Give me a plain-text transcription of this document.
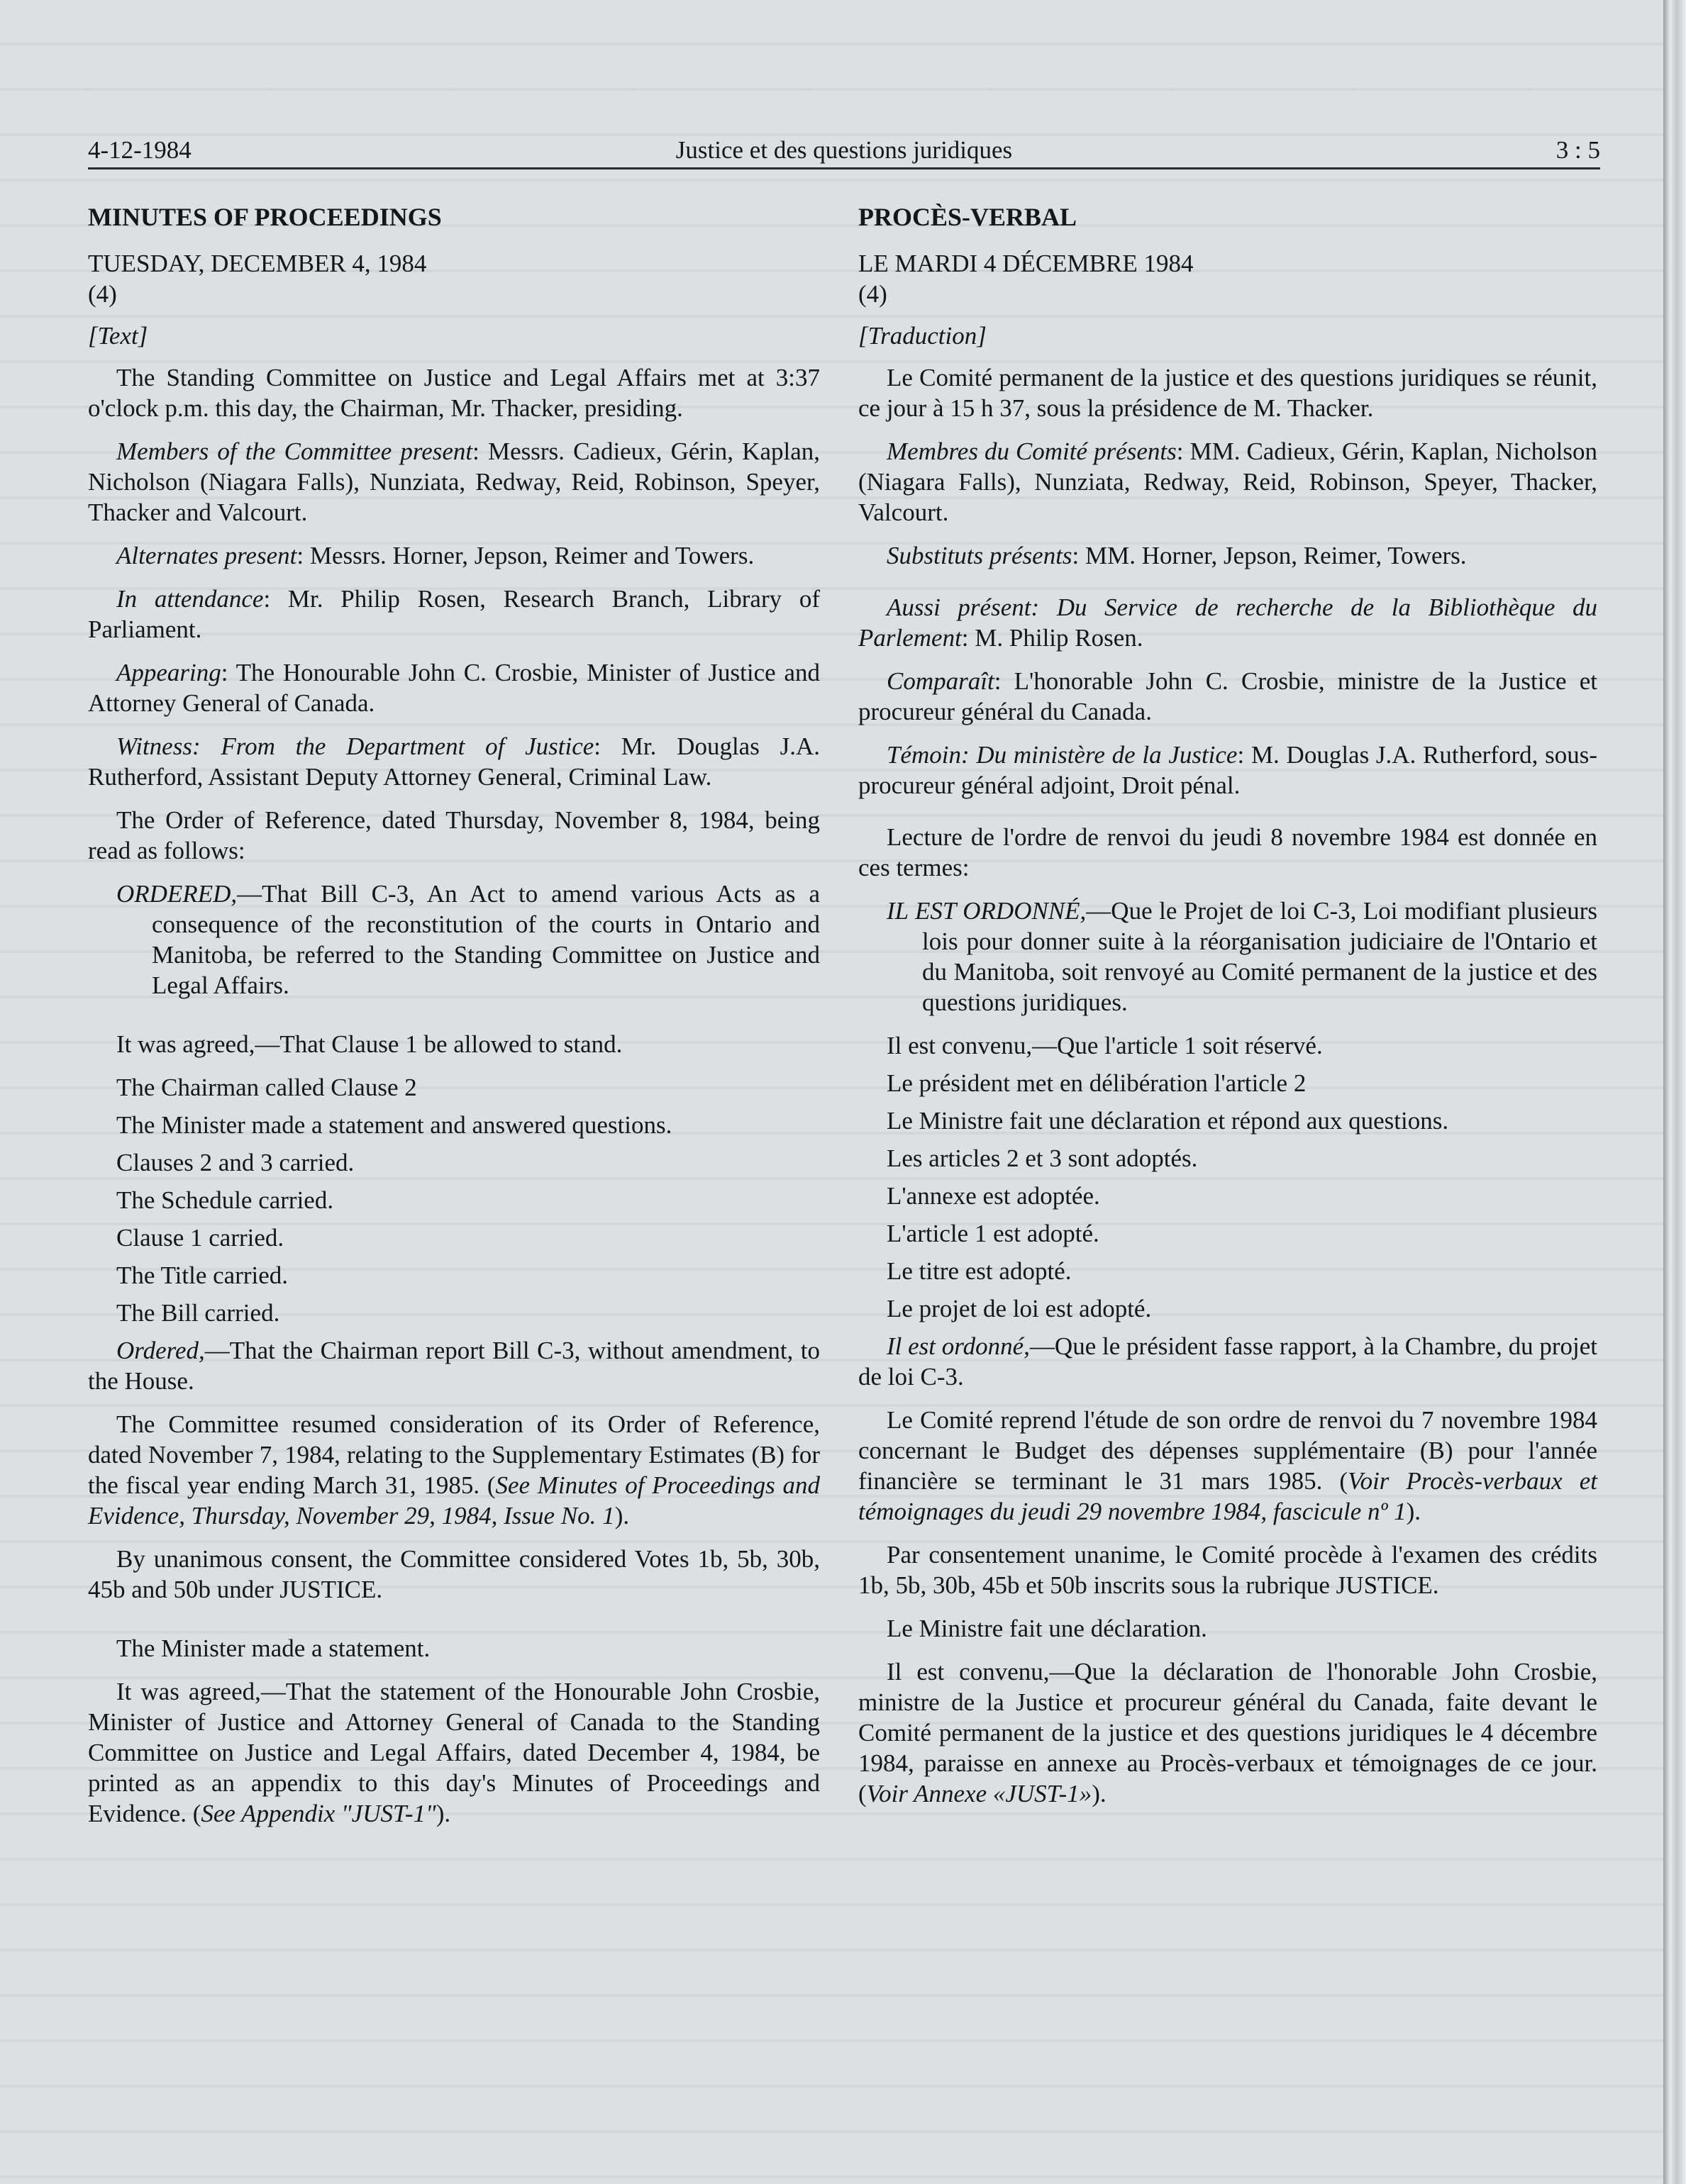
4-12-1984	Justice et des questions juridiques	3 : 5

MINUTES OF PROCEEDINGS

TUESDAY, DECEMBER 4, 1984

(4)

[Text]

The Standing Committee on Justice and Legal Affairs met at 3:37 o'clock p.m. this day, the Chairman, Mr. Thacker, presiding.

Members of the Committee present: Messrs. Cadieux, Gérin, Kaplan, Nicholson (Niagara Falls), Nunziata, Redway, Reid, Robinson, Speyer, Thacker and Valcourt.

Alternates present: Messrs. Horner, Jepson, Reimer and Towers.

In attendance: Mr. Philip Rosen, Research Branch, Library of Parliament.

Appearing: The Honourable John C. Crosbie, Minister of Justice and Attorney General of Canada.

Witness: From the Department of Justice: Mr. Douglas J.A. Rutherford, Assistant Deputy Attorney General, Criminal Law.

The Order of Reference, dated Thursday, November 8, 1984, being read as follows:

ORDERED,—That Bill C-3, An Act to amend various Acts as a consequence of the reconstitution of the courts in Ontario and Manitoba, be referred to the Standing Committee on Justice and Legal Affairs.

It was agreed,—That Clause 1 be allowed to stand.

The Chairman called Clause 2

The Minister made a statement and answered questions.

Clauses 2 and 3 carried.

The Schedule carried.

Clause 1 carried.

The Title carried.

The Bill carried.

Ordered,—That the Chairman report Bill C-3, without amendment, to the House.

The Committee resumed consideration of its Order of Reference, dated November 7, 1984, relating to the Supplementary Estimates (B) for the fiscal year ending March 31, 1985. (See Minutes of Proceedings and Evidence, Thursday, November 29, 1984, Issue No. 1).

By unanimous consent, the Committee considered Votes 1b, 5b, 30b, 45b and 50b under JUSTICE.

The Minister made a statement.

It was agreed,—That the statement of the Honourable John Crosbie, Minister of Justice and Attorney General of Canada to the Standing Committee on Justice and Legal Affairs, dated December 4, 1984, be printed as an appendix to this day's Minutes of Proceedings and Evidence. (See Appendix "JUST-1").

PROCÈS-VERBAL

LE MARDI 4 DÉCEMBRE 1984

(4)

[Traduction]

Le Comité permanent de la justice et des questions juridiques se réunit, ce jour à 15 h 37, sous la présidence de M. Thacker.

Membres du Comité présents: MM. Cadieux, Gérin, Kaplan, Nicholson (Niagara Falls), Nunziata, Redway, Reid, Robinson, Speyer, Thacker, Valcourt.

Substituts présents: MM. Horner, Jepson, Reimer, Towers.

Aussi présent: Du Service de recherche de la Bibliothèque du Parlement: M. Philip Rosen.

Comparaît: L'honorable John C. Crosbie, ministre de la Justice et procureur général du Canada.

Témoin: Du ministère de la Justice: M. Douglas J.A. Rutherford, sous-procureur général adjoint, Droit pénal.

Lecture de l'ordre de renvoi du jeudi 8 novembre 1984 est donnée en ces termes:

IL EST ORDONNÉ,—Que le Projet de loi C-3, Loi modifiant plusieurs lois pour donner suite à la réorganisation judiciaire de l'Ontario et du Manitoba, soit renvoyé au Comité permanent de la justice et des questions juridiques.

Il est convenu,—Que l'article 1 soit réservé.

Le président met en délibération l'article 2

Le Ministre fait une déclaration et répond aux questions.

Les articles 2 et 3 sont adoptés.

L'annexe est adoptée.

L'article 1 est adopté.

Le titre est adopté.

Le projet de loi est adopté.

Il est ordonné,—Que le président fasse rapport, à la Chambre, du projet de loi C-3.

Le Comité reprend l'étude de son ordre de renvoi du 7 novembre 1984 concernant le Budget des dépenses supplémentaire (B) pour l'année financière se terminant le 31 mars 1985. (Voir Procès-verbaux et témoignages du jeudi 29 novembre 1984, fascicule nº 1).

Par consentement unanime, le Comité procède à l'examen des crédits 1b, 5b, 30b, 45b et 50b inscrits sous la rubrique JUSTICE.

Le Ministre fait une déclaration.

Il est convenu,—Que la déclaration de l'honorable John Crosbie, ministre de la Justice et procureur général du Canada, faite devant le Comité permanent de la justice et des questions juridiques le 4 décembre 1984, paraisse en annexe au Procès-verbaux et témoignages de ce jour. (Voir Annexe «JUST-1»).
